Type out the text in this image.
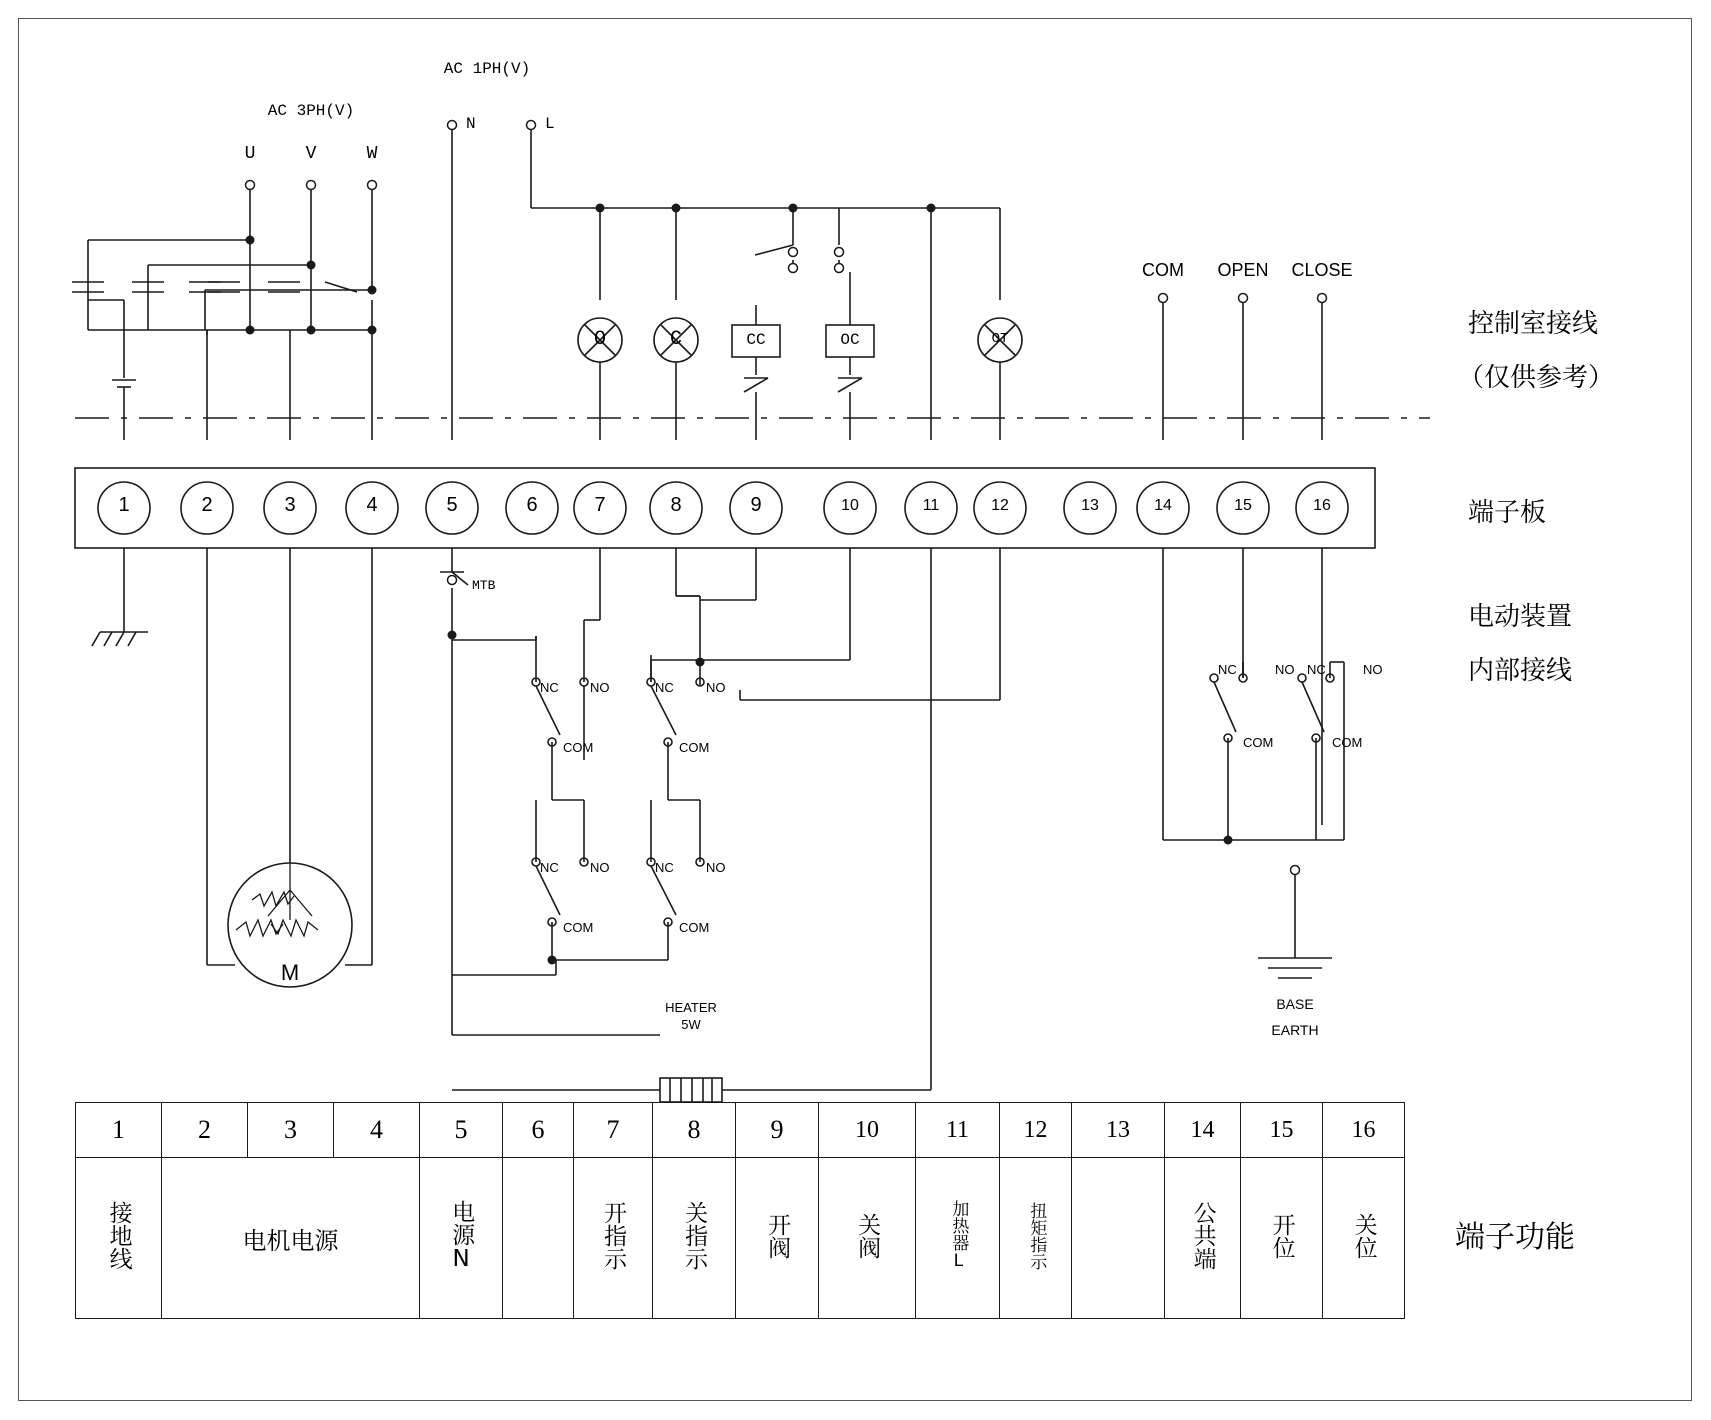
AC 1PH(V)
AC 3PH(V)
U	V	W
N	L
O	C	OT
CC	OC
COM OPEN CLOSE
MTB
M
HEATER
5W
BASE
EARTH
NC NO
COM
NC NO
COM
NC NO
COM
NC NO
COM
NC	NO NC	NO
COM	COM
1	2	3	4	5	6	7	8	9	10	11	12	13	14	15	16
控制室接线
（仅供参考）
端子板
电动装置
内部接线
端子功能
1	2	3	4	5	6	7	8	9	10	11	12	13	14	15	16
接地线	电机电源			电源N		开指示	关指示	开阀	关阀	加热器L	扭矩指示		公共端	开位	关位
